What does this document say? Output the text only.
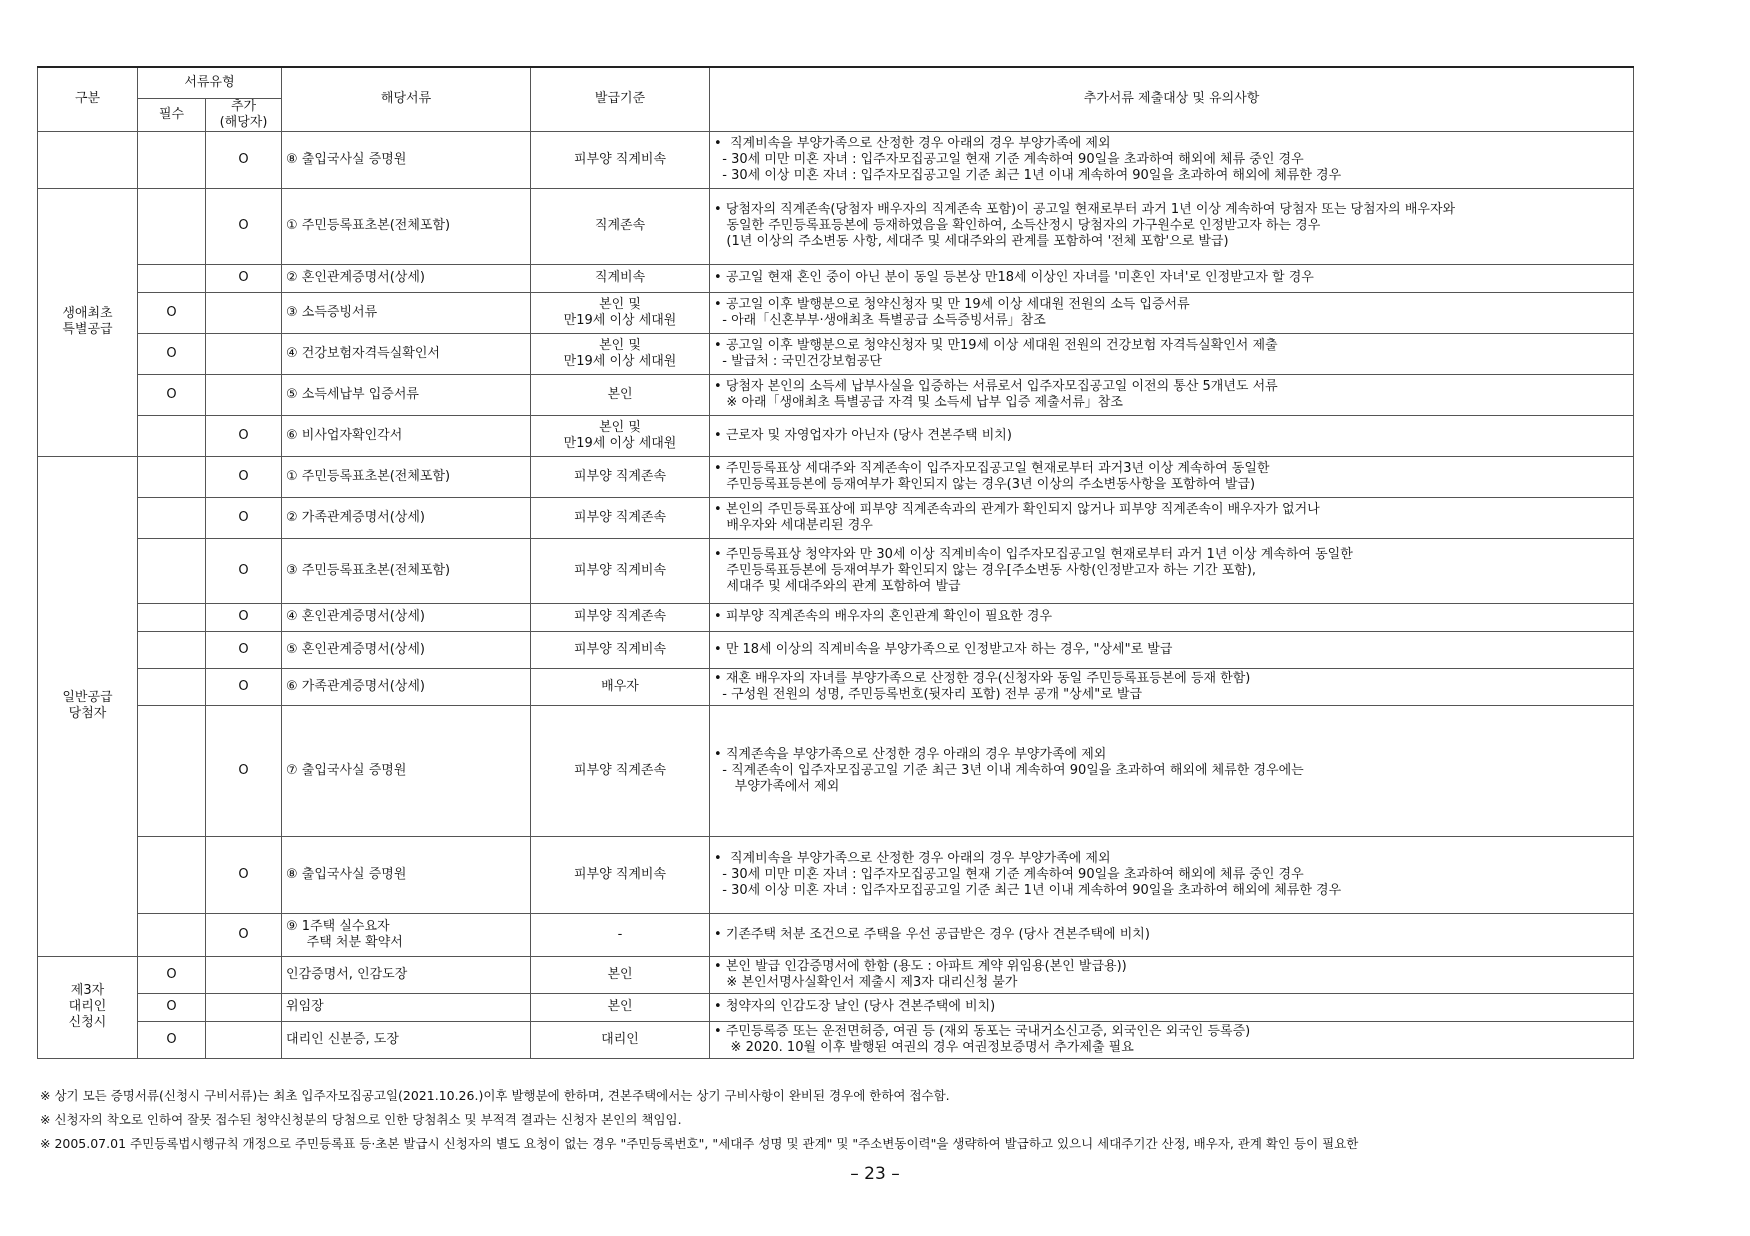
구분	서류유형		해당서류	발급기준	추가서류 제출대상 및 유의사항

	필수	추가
(해당자)			

		O	⑧ 출입국사실 증명원	피부양 직계비속	•  직계비속을 부양가족으로 산정한 경우 아래의 경우 부양가족에 제외
- 30세 미만 미혼 자녀 : 입주자모집공고일 현재 기준 계속하여 90일을 초과하여 해외에 체류 중인 경우
- 30세 이상 미혼 자녀 : 입주자모집공고일 기준 최근 1년 이내 계속하여 90일을 초과하여 해외에 체류한 경우

생애최초
특별공급		O	① 주민등록표초본(전체포함)	직계존속	• 당첨자의 직계존속(당첨자 배우자의 직계존속 포함)이 공고일 현재로부터 과거 1년 이상 계속하여 당첨자 또는 당첨자의 배우자와
동일한 주민등록표등본에 등재하였음을 확인하여, 소득산정시 당첨자의 가구원수로 인정받고자 하는 경우
(1년 이상의 주소변동 사항, 세대주 및 세대주와의 관계를 포함하여 '전체 포함'으로 발급)

		O	② 혼인관계증명서(상세)	직계비속	• 공고일 현재 혼인 중이 아닌 분이 동일 등본상 만18세 이상인 자녀를 '미혼인 자녀'로 인정받고자 할 경우

	O		③ 소득증빙서류	본인 및
만19세 이상 세대원	• 공고일 이후 발행분으로 청약신청자 및 만 19세 이상 세대원 전원의 소득 입증서류
- 아래「신혼부부·생애최초 특별공급 소득증빙서류」참조

	O		④ 건강보험자격득실확인서	본인 및
만19세 이상 세대원	• 공고일 이후 발행분으로 청약신청자 및 만19세 이상 세대원 전원의 건강보험 자격득실확인서 제출
- 발급처 : 국민건강보험공단

	O		⑤ 소득세납부 입증서류	본인	• 당첨자 본인의 소득세 납부사실을 입증하는 서류로서 입주자모집공고일 이전의 통산 5개년도 서류
※ 아래「생애최초 특별공급 자격 및 소득세 납부 입증 제출서류」참조

		O	⑥ 비사업자확인각서	본인 및
만19세 이상 세대원	• 근로자 및 자영업자가 아닌자 (당사 견본주택 비치)

일반공급
당첨자		O	① 주민등록표초본(전체포함)	피부양 직계존속	• 주민등록표상 세대주와 직계존속이 입주자모집공고일 현재로부터 과거3년 이상 계속하여 동일한
주민등록표등본에 등재여부가 확인되지 않는 경우(3년 이상의 주소변동사항을 포함하여 발급)

		O	② 가족관계증명서(상세)	피부양 직계존속	• 본인의 주민등록표상에 피부양 직계존속과의 관계가 확인되지 않거나 피부양 직계존속이 배우자가 없거나
배우자와 세대분리된 경우

		O	③ 주민등록표초본(전체포함)	피부양 직계비속	• 주민등록표상 청약자와 만 30세 이상 직계비속이 입주자모집공고일 현재로부터 과거 1년 이상 계속하여 동일한
주민등록표등본에 등재여부가 확인되지 않는 경우[주소변동 사항(인정받고자 하는 기간 포함),
세대주 및 세대주와의 관계 포함하여 발급

		O	④ 혼인관계증명서(상세)	피부양 직계존속	• 피부양 직계존속의 배우자의 혼인관계 확인이 필요한 경우

		O	⑤ 혼인관계증명서(상세)	피부양 직계비속	• 만 18세 이상의 직계비속을 부양가족으로 인정받고자 하는 경우, "상세"로 발급

		O	⑥ 가족관계증명서(상세)	배우자	• 재혼 배우자의 자녀를 부양가족으로 산정한 경우(신청자와 동일 주민등록표등본에 등재 한함)
- 구성원 전원의 성명, 주민등록번호(뒷자리 포함) 전부 공개 "상세"로 발급

		O	⑦ 출입국사실 증명원	피부양 직계존속	• 직계존속을 부양가족으로 산정한 경우 아래의 경우 부양가족에 제외
- 직계존속이 입주자모집공고일 기준 최근 3년 이내 계속하여 90일을 초과하여 해외에 체류한 경우에는
부양가족에서 제외

		O	⑧ 출입국사실 증명원	피부양 직계비속	•  직계비속을 부양가족으로 산정한 경우 아래의 경우 부양가족에 제외
- 30세 미만 미혼 자녀 : 입주자모집공고일 현재 기준 계속하여 90일을 초과하여 해외에 체류 중인 경우
- 30세 이상 미혼 자녀 : 입주자모집공고일 기준 최근 1년 이내 계속하여 90일을 초과하여 해외에 체류한 경우

		O	⑨ 1주택 실수요자
주택 처분 확약서	-	• 기존주택 처분 조건으로 주택을 우선 공급받은 경우 (당사 견본주택에 비치)

제3자
대리인
신청시	O		인감증명서, 인감도장	본인	• 본인 발급 인감증명서에 한함 (용도 : 아파트 계약 위임용(본인 발급용))
※ 본인서명사실확인서 제출시 제3자 대리신청 불가

	O		위임장	본인	• 청약자의 인감도장 날인 (당사 견본주택에 비치)

	O		대리인 신분증, 도장	대리인	• 주민등록증 또는 운전면허증, 여권 등 (재외 동포는 국내거소신고증, 외국인은 외국인 등록증)
※ 2020. 10월 이후 발행된 여권의 경우 여권정보증명서 추가제출 필요
※ 상기 모든 증명서류(신청시 구비서류)는 최초 입주자모집공고일(2021.10.26.)이후 발행분에 한하며, 견본주택에서는 상기 구비사항이 완비된 경우에 한하여 접수함.
※ 신청자의 착오로 인하여 잘못 접수된 청약신청분의 당첨으로 인한 당첨취소 및 부적격 결과는 신청자 본인의 책임임.
※ 2005.07.01 주민등록법시행규칙 개정으로 주민등록표 등·초본 발급시 신청자의 별도 요청이 없는 경우 "주민등록번호", "세대주 성명 및 관계" 및 "주소변동이력"을 생략하여 발급하고 있으니 세대주기간 산정, 배우자, 관계 확인 등이 필요한
– 23 –
